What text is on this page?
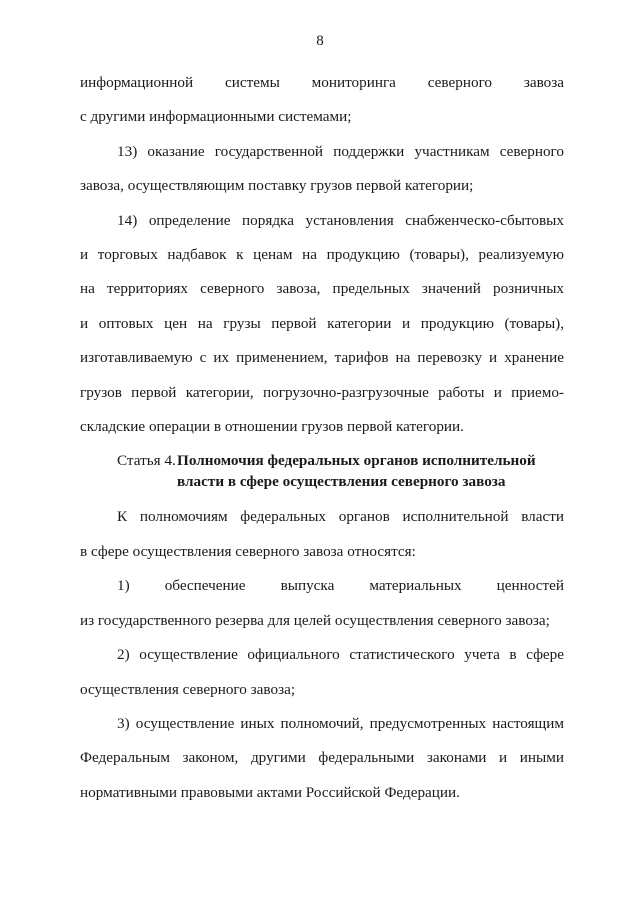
8

информационной системы мониторинга северного завоза

с другими информационными системами;

13) оказание государственной поддержки участникам северного

завоза, осуществляющим поставку грузов первой категории;

14) определение порядка установления снабженческо-сбытовых

и торговых надбавок к ценам на продукцию (товары), реализуемую

на территориях северного завоза, предельных значений розничных

и оптовых цен на грузы первой категории и продукцию (товары),

изготавливаемую с их применением, тарифов на перевозку и хранение

грузов первой категории, погрузочно-разгрузочные работы и приемо-

складские операции в отношении грузов первой категории.

Статья 4. Полномочия федеральных органов исполнительной
власти в сфере осуществления северного завоза

К полномочиям федеральных органов исполнительной власти

в сфере осуществления северного завоза относятся:

1) обеспечение выпуска материальных ценностей

из государственного резерва для целей осуществления северного завоза;

2) осуществление официального статистического учета в сфере

осуществления северного завоза;

3) осуществление иных полномочий, предусмотренных настоящим

Федеральным законом, другими федеральными законами и иными

нормативными правовыми актами Российской Федерации.
